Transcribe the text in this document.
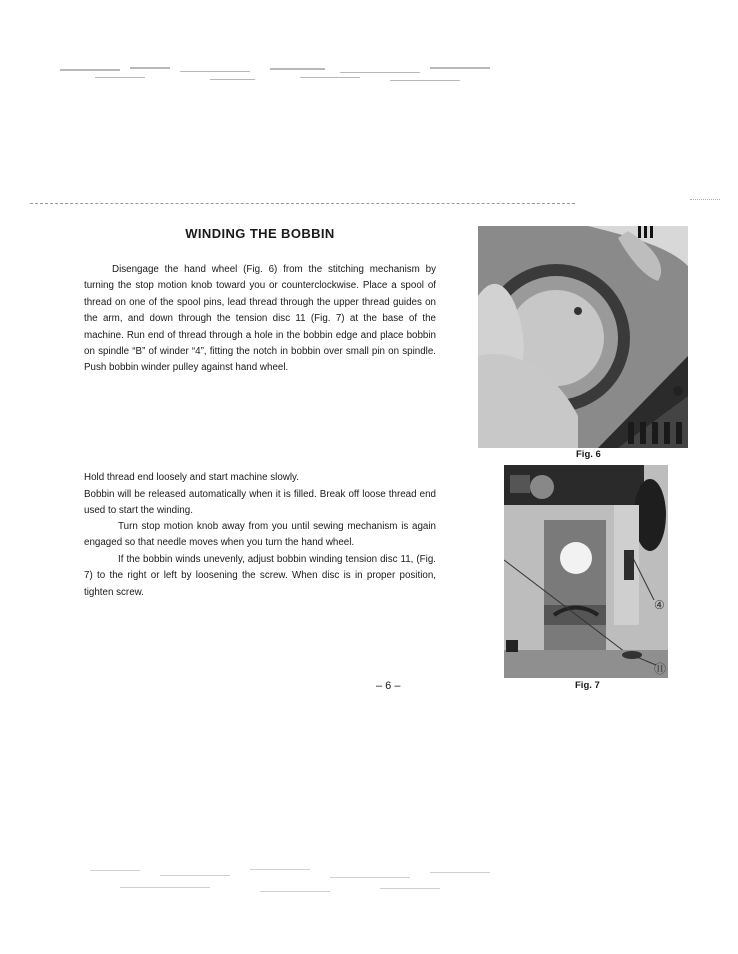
WINDING THE BOBBIN

Disengage the hand wheel (Fig. 6) from the stitching mechanism by turning the stop motion knob toward you or counterclockwise. Place a spool of thread on one of the spool pins, lead thread through the upper thread guides on the arm, and down through the tension disc 11 (Fig. 7) at the base of the machine. Run end of thread through a hole in the bobbin edge and place bobbin on spindle “B” of winder “4”, fitting the notch in bobbin over small pin on spindle. Push bobbin winder pulley against hand wheel.

Hold thread end loosely and start machine slowly.

Bobbin will be released automatically when it is filled. Break off loose thread end used to start the winding.

Turn stop motion knob away from you until sewing mechanism is again engaged so that needle moves when you turn the hand wheel.

If the bobbin winds unevenly, adjust bobbin winding tension disc 11, (Fig. 7) to the right or left by loosening the screw. When disc is in proper position, tighten screw.

Fig. 6
④
⑪
Fig. 7
– 6 –
